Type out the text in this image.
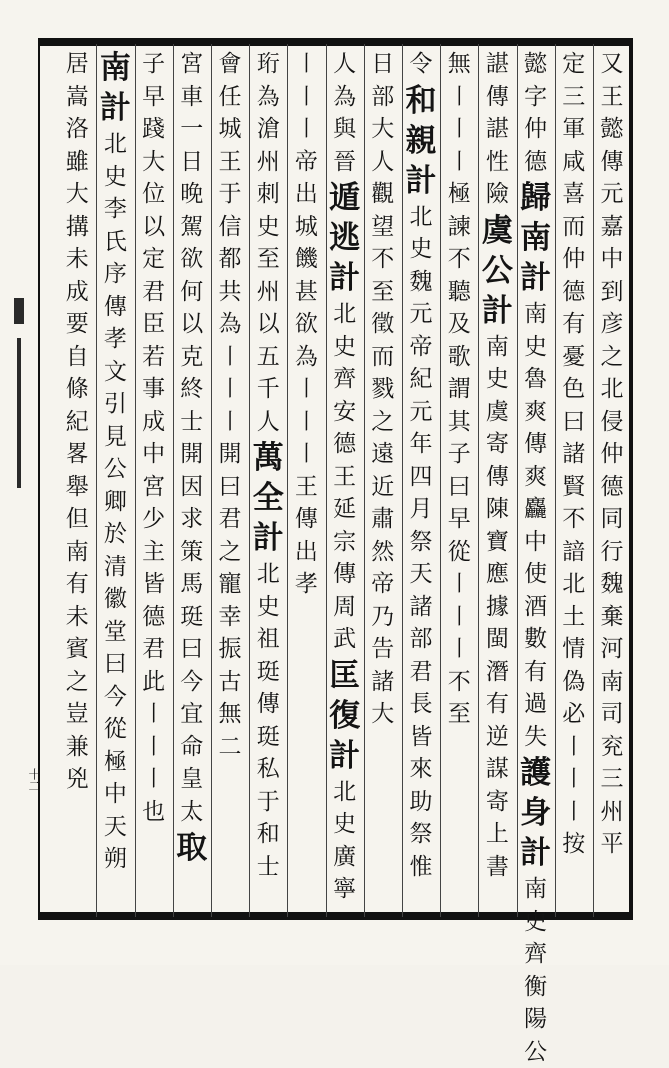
十二
又
王
懿
傳
元
嘉
中
到
彦
之
北
侵
仲
德
同
行
魏
棄
河
南
司
兖
三
州
平
定
三
軍
咸
喜
而
仲
德
有
憂
色
曰
諸
賢
不
諳
北
土
情
偽
必
〡
〡
〡
按
懿
字
仲
德
歸
南
計
南
史
魯
爽
傳
爽
麤
中
使
酒
數
有
過
失
護
身
計
南
史
齊
衡
陽
公
諶
傳
諶
性
險
虞
公
計
南
史
虞
寄
傳
陳
寶
應
據
閩
潛
有
逆
謀
寄
上
書
無
〡
〡
〡
極
諫
不
聽
及
歌
謂
其
子
曰
早
從
〡
〡
〡
不
至
令
和
親
計
北
史
魏
元
帝
紀
元
年
四
月
祭
天
諸
部
君
長
皆
來
助
祭
惟
日
部
大
人
觀
望
不
至
徵
而
戮
之
遠
近
肅
然
帝
乃
告
諸
大
人
為
與
晉
遁
逃
計
北
史
齊
安
德
王
延
宗
傳
周
武
匡
復
計
北
史
廣
寧
〡
〡
〡
帝
出
城
饑
甚
欲
為
〡
〡
〡
王
傳
出
孝
珩
為
滄
州
刺
史
至
州
以
五
千
人
萬
全
計
北
史
祖
珽
傳
珽
私
于
和
士
會
任
城
王
于
信
都
共
為
〡
〡
〡
開
曰
君
之
寵
幸
振
古
無
二
宮
車
一
日
晚
駕
欲
何
以
克
終
士
開
因
求
策
馬
珽
曰
今
宜
命
皇
太
取
子
早
踐
大
位
以
定
君
臣
若
事
成
中
宮
少
主
皆
德
君
此
〡
〡
〡
也
南
計
北
史
李
氏
序
傳
孝
文
引
見
公
卿
於
清
徽
堂
曰
今
從
極
中
天
朔
居
嵩
洛
雖
大
搆
未
成
要
自
條
紀
畧
舉
但
南
有
未
賓
之
豈
兼
兇
